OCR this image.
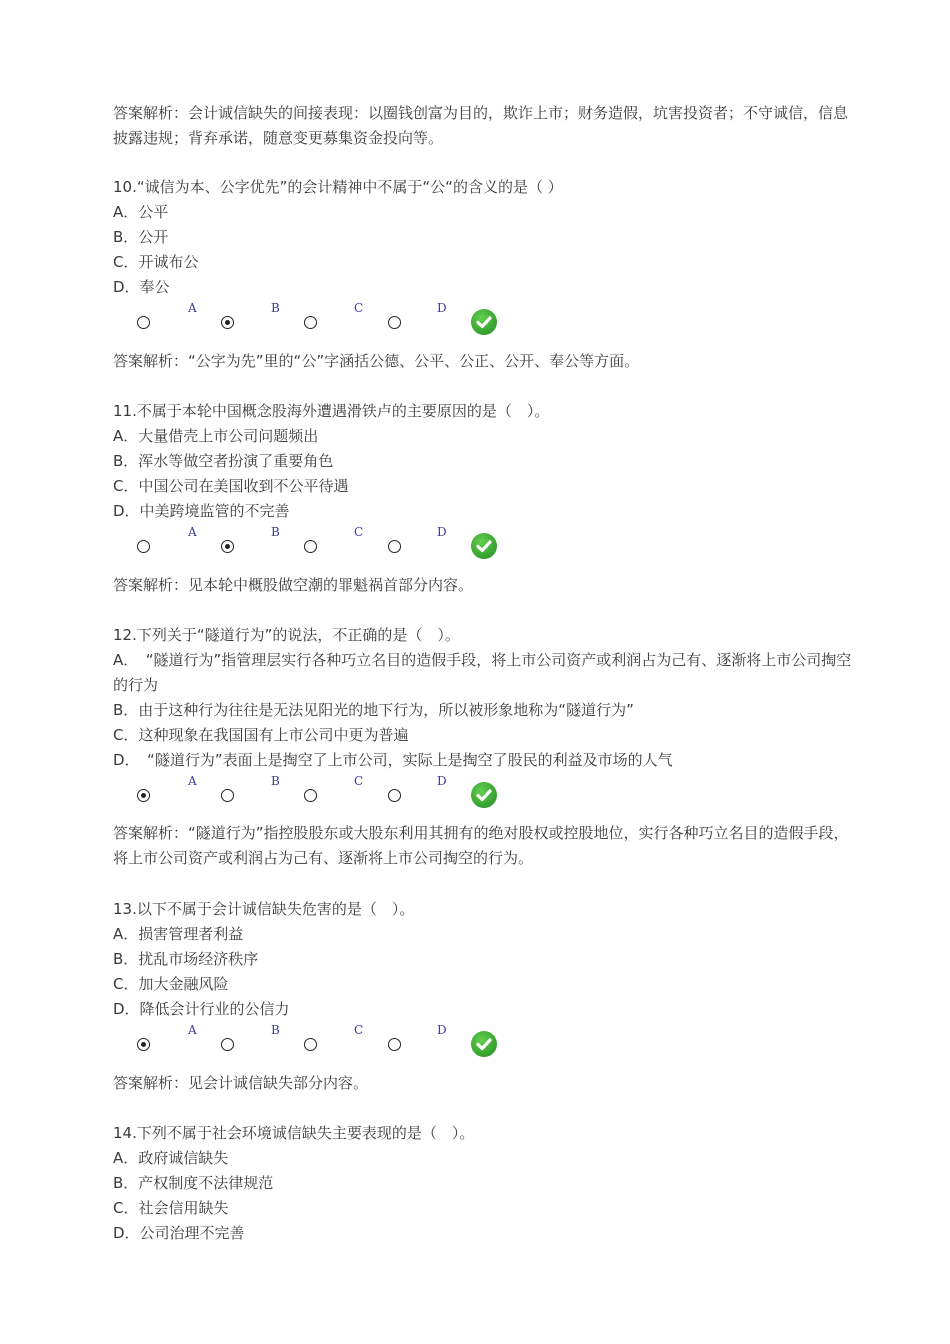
答案解析：会计诚信缺失的间接表现：以圈钱创富为目的，欺诈上市；财务造假，坑害投资者；不守诚信，信息披露违规；背弃承诺，随意变更募集资金投向等。
10.“诚信为本、公字优先”的会计精神中不属于“公“的含义的是（ ）
A．公平
B．公开
C．开诚布公
D．奉公
A	B	C	D
答案解析：“公字为先”里的“公”字涵括公德、公平、公正、公开、奉公等方面。
11.不属于本轮中国概念股海外遭遇滑铁卢的主要原因的是（　）。
A．大量借壳上市公司问题频出
B．浑水等做空者扮演了重要角色
C．中国公司在美国收到不公平待遇
D．中美跨境监管的不完善
A	B	C	D
答案解析：见本轮中概股做空潮的罪魁祸首部分内容。
12.下列关于“隧道行为”的说法，不正确的是（　）。
A．　“隧道行为”指管理层实行各种巧立名目的造假手段，将上市公司资产或利润占为己有、逐渐将上市公司掏空的行为
B．由于这种行为往往是无法见阳光的地下行为，所以被形象地称为“隧道行为”
C．这种现象在我国国有上市公司中更为普遍
D．　“隧道行为”表面上是掏空了上市公司，实际上是掏空了股民的利益及市场的人气
A	B	C	D
答案解析：“隧道行为”指控股股东或大股东利用其拥有的绝对股权或控股地位，实行各种巧立名目的造假手段，将上市公司资产或利润占为己有、逐渐将上市公司掏空的行为。
13.以下不属于会计诚信缺失危害的是（　）。
A．损害管理者利益
B．扰乱市场经济秩序
C．加大金融风险
D．降低会计行业的公信力
A	B	C	D
答案解析：见会计诚信缺失部分内容。
14.下列不属于社会环境诚信缺失主要表现的是（　）。
A．政府诚信缺失
B．产权制度不法律规范
C．社会信用缺失
D．公司治理不完善
